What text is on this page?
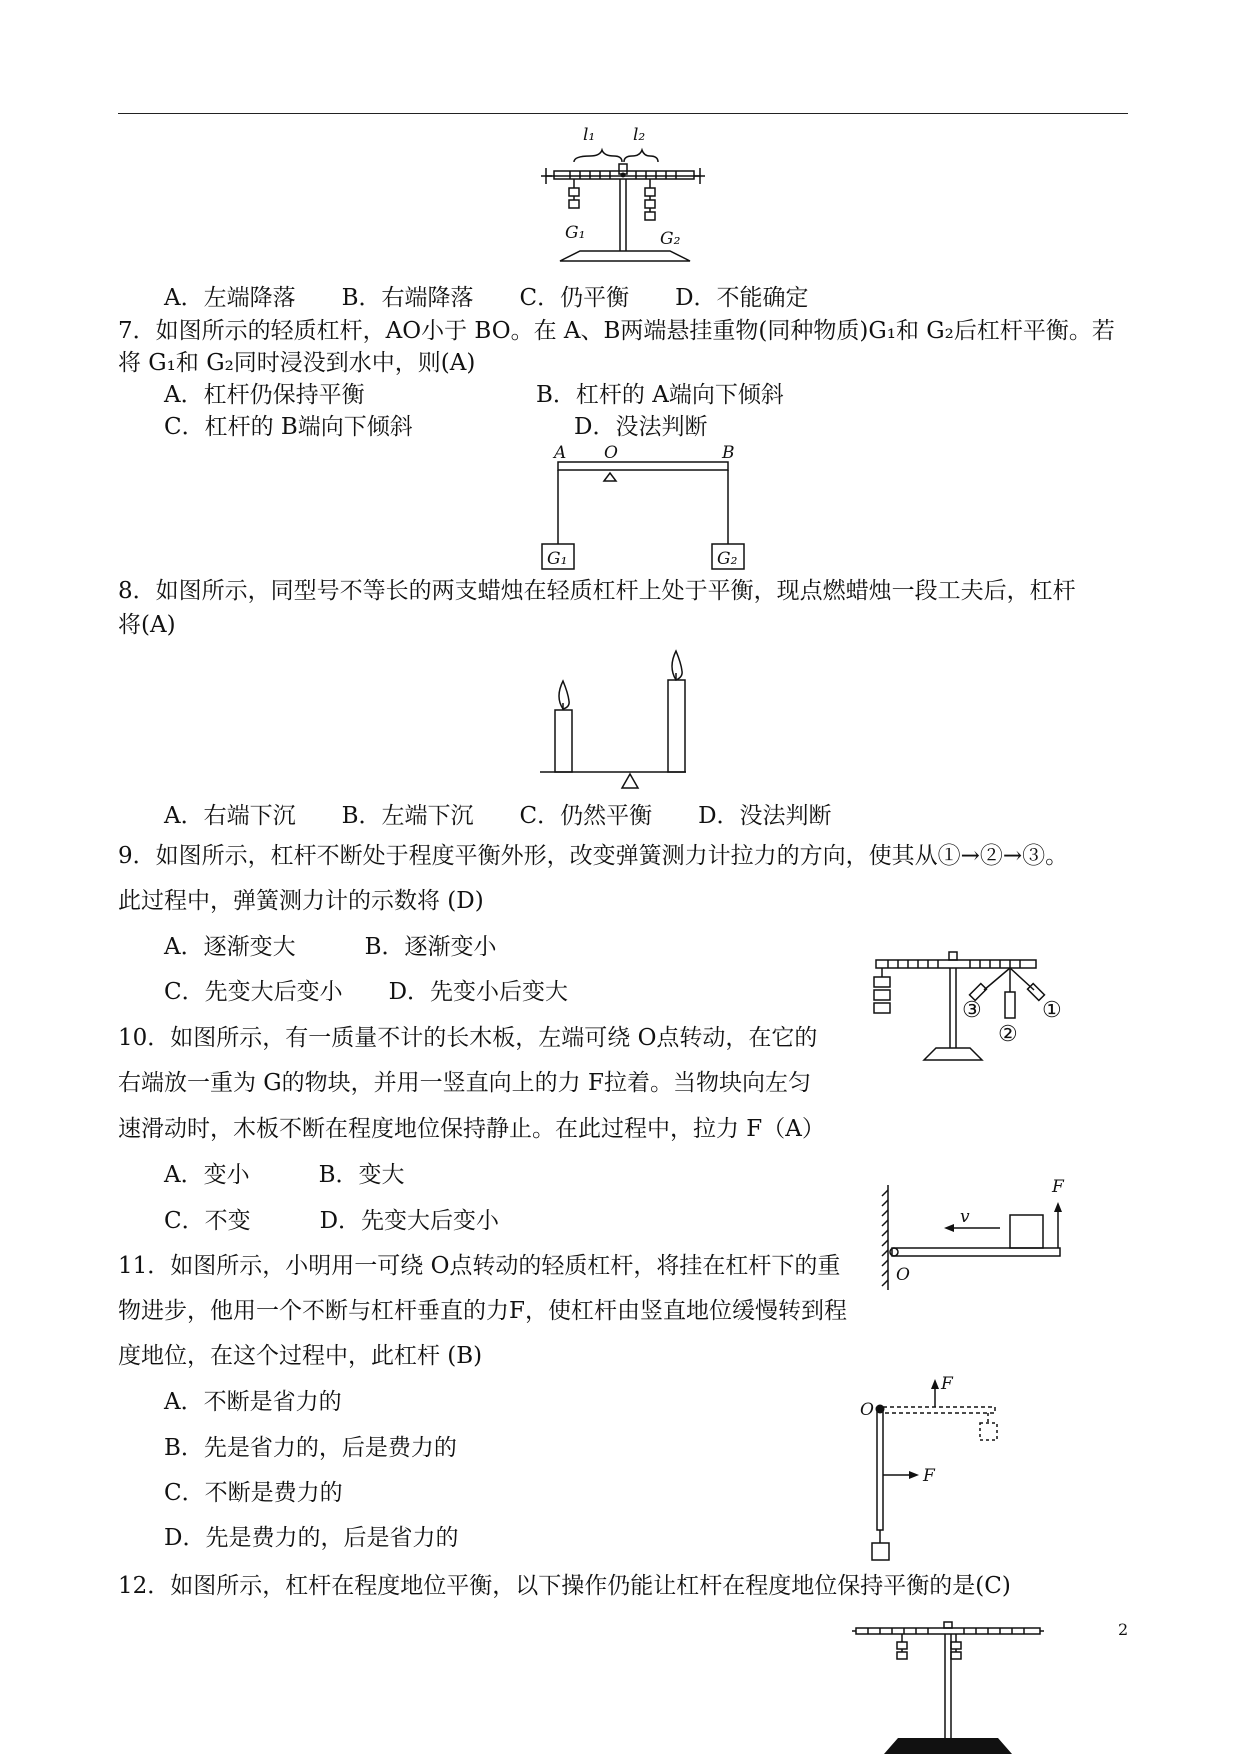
l₁ l₂
G₁	G₂
A．左端降落　　B．右端降落　　C．仍平衡　　D．不能确定
7．如图所示的轻质杠杆，AO小于 BO。在 A、B两端悬挂重物(同种物质)G₁和 G₂后杠杆平衡。若
将 G₁和 G₂同时浸没到水中，则(A)
A．杠杆仍保持平衡	B．杠杆的 A端向下倾斜
C．杠杆的 B端向下倾斜	D．没法判断
A O	B
G₁	G₂
8．如图所示，同型号不等长的两支蜡烛在轻质杠杆上处于平衡，现点燃蜡烛一段工夫后，杠杆
将(A)
A．右端下沉　　B．左端下沉　　C．仍然平衡　　D．没法判断
9．如图所示，杠杆不断处于程度平衡外形，改变弹簧测力计拉力的方向，使其从①→②→③。
此过程中，弹簧测力计的示数将 (D)
A．逐渐变大　　　B．逐渐变小
C．先变大后变小　　D．先变小后变大
③
②
①
10．如图所示，有一质量不计的长木板，左端可绕 O点转动，在它的
右端放一重为 G的物块，并用一竖直向上的力 F拉着。当物块向左匀
速滑动时，木板不断在程度地位保持静止。在此过程中，拉力 F（A）
A．变小　　　B．变大
C．不变　　　D．先变大后变小	v
F
O
11．如图所示，小明用一可绕 O点转动的轻质杠杆，将挂在杠杆下的重
物进步，他用一个不断与杠杆垂直的力F，使杠杆由竖直地位缓慢转到程
度地位，在这个过程中，此杠杆 (B)
A．不断是省力的
B．先是省力的，后是费力的
C．不断是费力的
D．先是费力的，后是省力的
O
F
F
12．如图所示，杠杆在程度地位平衡，以下操作仍能让杠杆在程度地位保持平衡的是(C)
2
